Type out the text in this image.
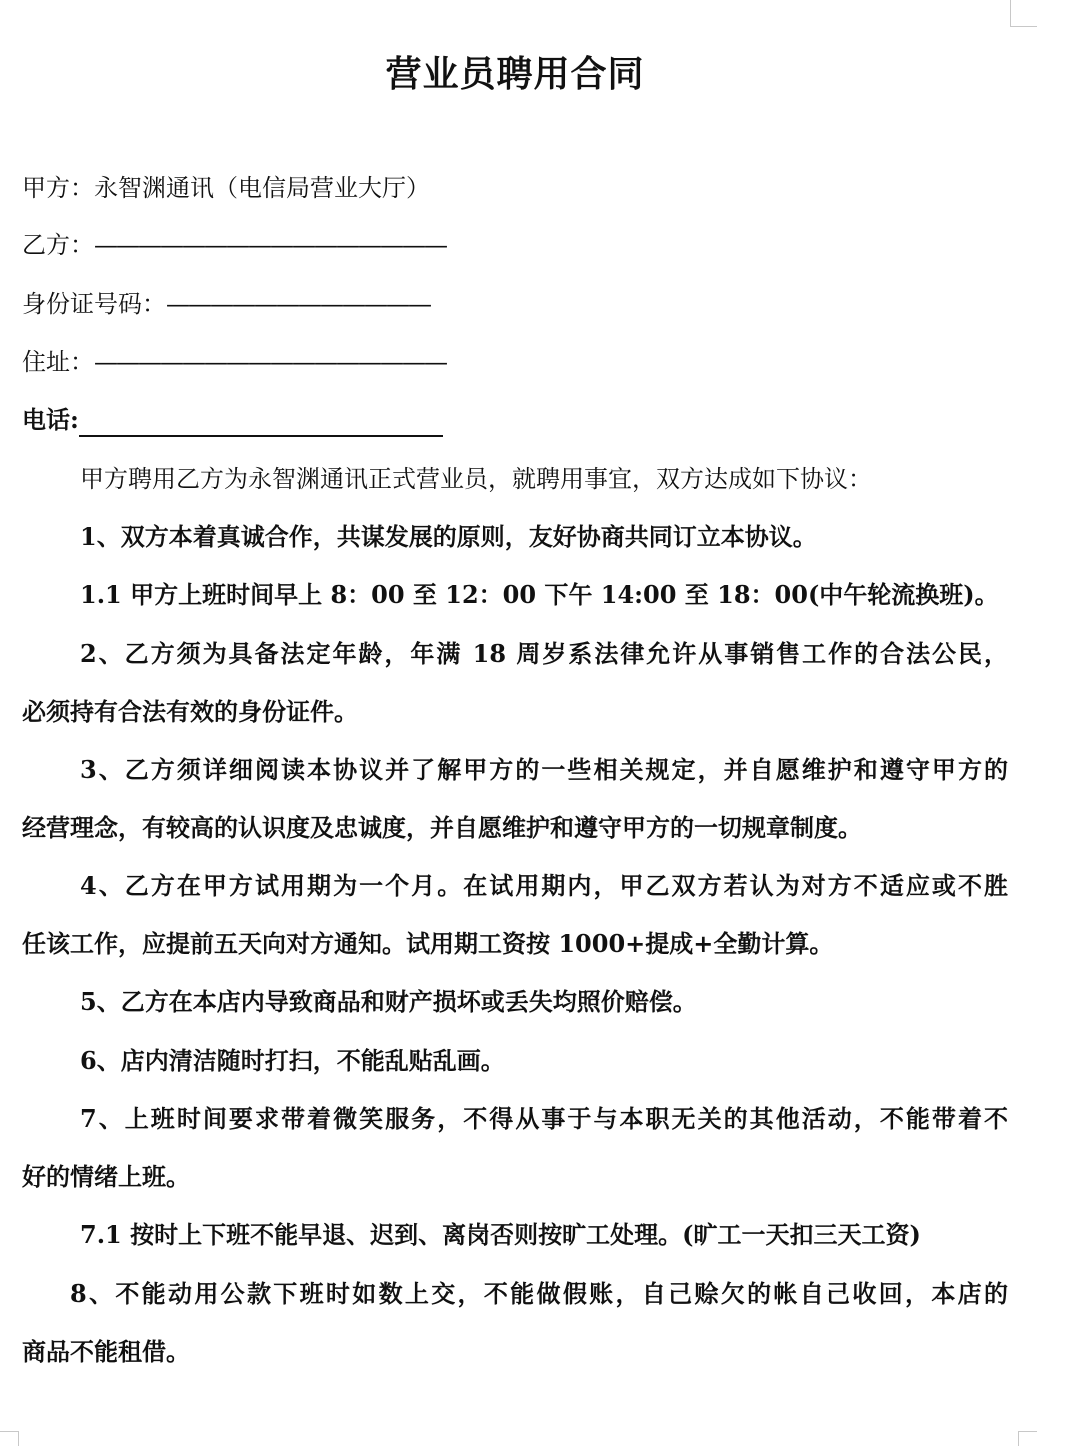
营业员聘用合同

甲方：永智渊通讯（电信局营业大厅）

乙方：————————————————

身份证号码：————————————

住址：————————————————

电话:

甲方聘用乙方为永智渊通讯正式营业员，就聘用事宜，双方达成如下协议：

1、双方本着真诚合作，共谋发展的原则，友好协商共同订立本协议。

1.1 甲方上班时间早上 8：00 至 12：00 下午 14:00 至 18：00(中午轮流换班)。

2、乙方须为具备法定年龄，年满 18 周岁系法律允许从事销售工作的合法公民，

必须持有合法有效的身份证件。

3、乙方须详细阅读本协议并了解甲方的一些相关规定，并自愿维护和遵守甲方的

经营理念，有较高的认识度及忠诚度，并自愿维护和遵守甲方的一切规章制度。

4、乙方在甲方试用期为一个月。在试用期内，甲乙双方若认为对方不适应或不胜

任该工作，应提前五天向对方通知。试用期工资按 1000+提成+全勤计算。

5、乙方在本店内导致商品和财产损坏或丢失均照价赔偿。

6、店内清洁随时打扫，不能乱贴乱画。

7、上班时间要求带着微笑服务，不得从事于与本职无关的其他活动，不能带着不

好的情绪上班。

7.1 按时上下班不能早退、迟到、离岗否则按旷工处理。(旷工一天扣三天工资)

8、不能动用公款下班时如数上交，不能做假账，自己赊欠的帐自己收回，本店的

商品不能租借。
